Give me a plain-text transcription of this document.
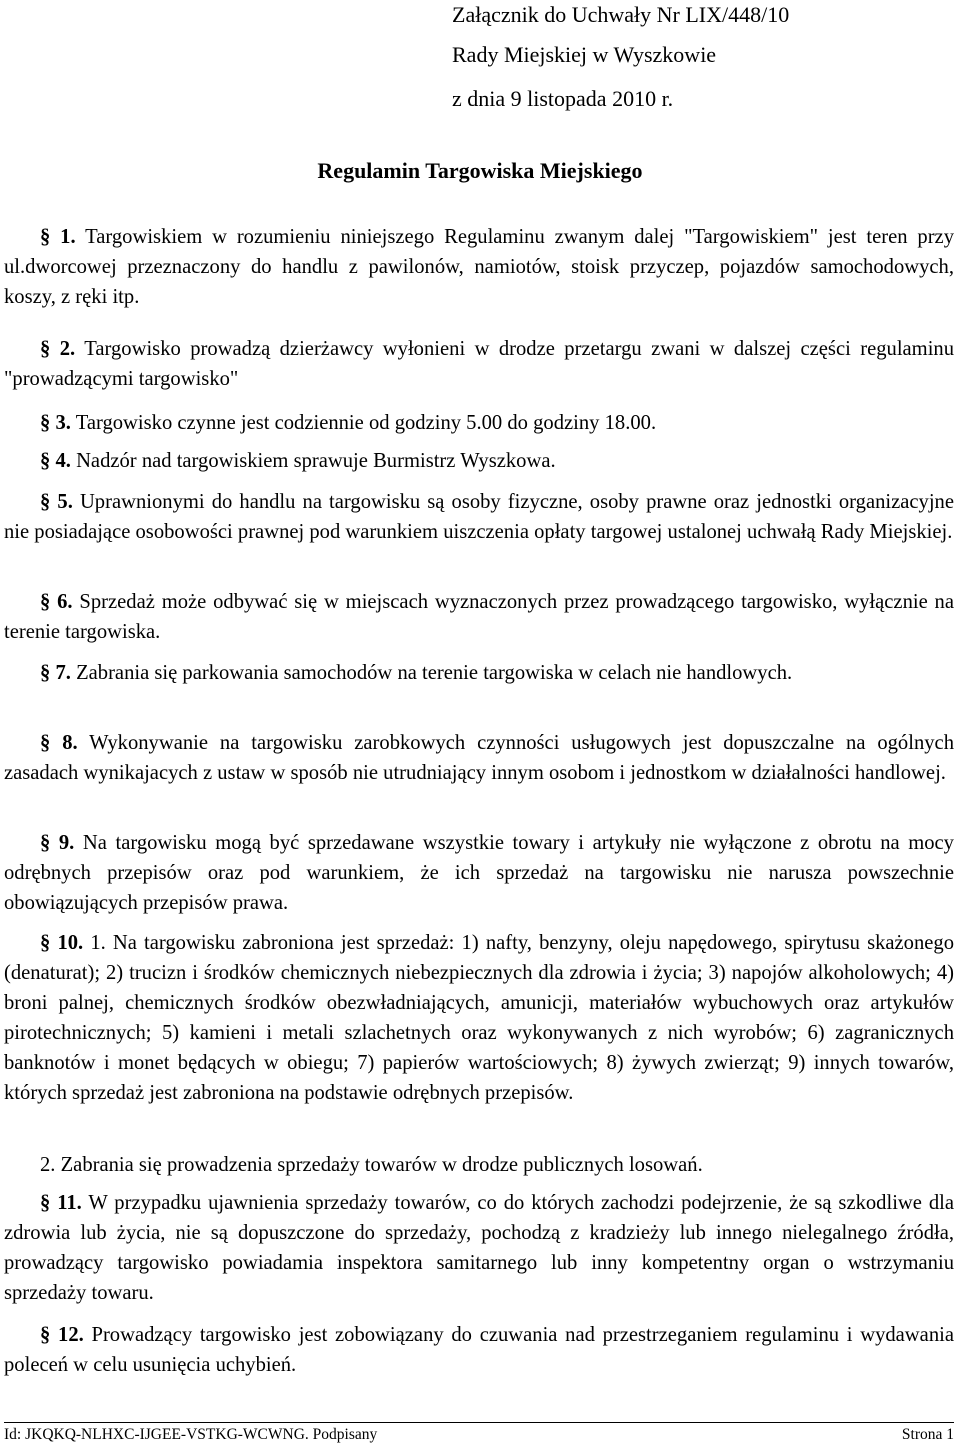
Załącznik do Uchwały Nr LIX/448/10
Rady Miejskiej w Wyszkowie
z dnia 9 listopada 2010 r.
Regulamin Targowiska Miejskiego

§ 1. Targowiskiem w rozumieniu niniejszego Regulaminu zwanym dalej "Targowiskiem" jest teren przy ul.dworcowej przeznaczony do handlu z pawilonów, namiotów, stoisk przyczep, pojazdów samochodowych, koszy, z ręki itp.

§ 2. Targowisko prowadzą dzierżawcy wyłonieni w drodze przetargu zwani w dalszej części regulaminu "prowadzącymi targowisko"

§ 3. Targowisko czynne jest codziennie od godziny 5.00 do godziny 18.00.

§ 4. Nadzór nad targowiskiem sprawuje Burmistrz Wyszkowa.

§ 5. Uprawnionymi do handlu na targowisku są osoby fizyczne, osoby prawne oraz jednostki organizacyjne nie posiadające osobowości prawnej pod warunkiem uiszczenia opłaty targowej ustalonej uchwałą Rady Miejskiej.

§ 6. Sprzedaż może odbywać się w miejscach wyznaczonych przez prowadzącego targowisko, wyłącznie na terenie targowiska.

§ 7. Zabrania się parkowania samochodów na terenie targowiska w celach nie handlowych.

§ 8. Wykonywanie na targowisku zarobkowych czynności usługowych jest dopuszczalne na ogólnych zasadach wynikajacych z ustaw w sposób nie utrudniający innym osobom i jednostkom w działalności handlowej.

§ 9. Na targowisku mogą być sprzedawane wszystkie towary i artykuły nie wyłączone z obrotu na mocy odrębnych przepisów oraz pod warunkiem, że ich sprzedaż na targowisku nie narusza powszechnie obowiązujących przepisów prawa.

§ 10. 1. Na targowisku zabroniona jest sprzedaż: 1) nafty, benzyny, oleju napędowego, spirytusu skażonego (denaturat); 2) trucizn i środków chemicznych niebezpiecznych dla zdrowia i życia; 3) napojów alkoholowych; 4) broni palnej, chemicznych środków obezwładniających, amunicji, materiałów wybuchowych oraz artykułów pirotechnicznych; 5) kamieni i metali szlachetnych oraz wykonywanych z nich wyrobów; 6) zagranicznych banknotów i monet będących w obiegu; 7) papierów wartościowych; 8) żywych zwierząt; 9) innych towarów, których sprzedaż jest zabroniona na podstawie odrębnych przepisów.

2. Zabrania się prowadzenia sprzedaży towarów w drodze publicznych losowań.

§ 11. W przypadku ujawnienia sprzedaży towarów, co do których zachodzi podejrzenie, że są szkodliwe dla zdrowia lub życia, nie są dopuszczone do sprzedaży, pochodzą z kradzieży lub innego nielegalnego źródła, prowadzący targowisko powiadamia inspektora samitarnego lub inny kompetentny organ o wstrzymaniu sprzedaży towaru.

§ 12. Prowadzący targowisko jest zobowiązany do czuwania nad przestrzeganiem regulaminu i wydawania poleceń w celu usunięcia uchybień.

Id: JKQKQ-NLHXC-IJGEE-VSTKG-WCWNG. Podpisany	Strona 1
